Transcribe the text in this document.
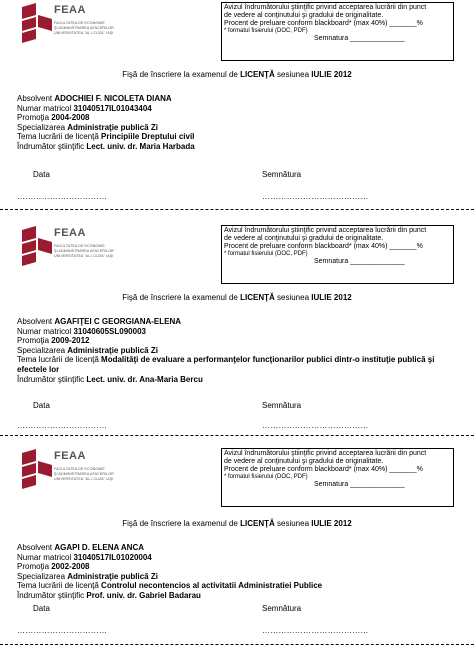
FEAA
FACULTATEA DE ECONOMIE
ŞI ADMINISTRAREA AFACERILOR
UNIVERSITATEA "AL.I.CUZA" IAŞI
Avizul îndrumătorului ştiinţific privind acceptarea lucrării din punct
de vedere al conţinutului şi gradului de originalitate.
Procent de preluare conform blackboard* (max 40%) _______%
* formatul fisierului (DOC, PDF)
Semnatura ______________
Fişă de înscriere la examenul de LICENŢĂ sesiunea IULIE 2012
Absolvent ADOCHIEI F. NICOLETA DIANA
Numar matricol 31040517IL01043404
Promoţia 2004-2008
Specializarea Administraţie publică Zi
Tema lucrării de licenţă Principiile Dreptului civil
Îndrumător ştiinţific Lect. univ. dr. Maria Harbada
Data	Semnătura
……………………………	…………………………………
FEAA
FACULTATEA DE ECONOMIE
ŞI ADMINISTRAREA AFACERILOR
UNIVERSITATEA "AL.I.CUZA" IAŞI
Avizul îndrumătorului ştiinţific privind acceptarea lucrării din punct
de vedere al conţinutului şi gradului de originalitate.
Procent de preluare conform blackboard* (max 40%) _______%
* formatul fisierului (DOC, PDF)
Semnatura ______________
Fişă de înscriere la examenul de LICENŢĂ sesiunea IULIE 2012
Absolvent AGAFIŢEI C GEORGIANA-ELENA
Numar matricol 31040605SL090003
Promoţia 2009-2012
Specializarea Administraţie publică Zi
Tema lucrării de licenţă Modalităţi de evaluare a performanţelor funcţionarilor publici dintr-o instituţie publică şi efectele lor
Îndrumător ştiinţific Lect. univ. dr. Ana-Maria Bercu
Data	Semnătura
……………………………	…………………………………
FEAA
FACULTATEA DE ECONOMIE
ŞI ADMINISTRAREA AFACERILOR
UNIVERSITATEA "AL.I.CUZA" IAŞI
Avizul îndrumătorului ştiinţific privind acceptarea lucrării din punct
de vedere al conţinutului şi gradului de originalitate.
Procent de preluare conform blackboard* (max 40%) _______%
* formatul fisierului (DOC, PDF)
Semnatura ______________
Fişă de înscriere la examenul de LICENŢĂ sesiunea IULIE 2012
Absolvent AGAPI D. ELENA ANCA
Numar matricol 31040517IL01020004
Promoţia 2002-2008
Specializarea Administraţie publică Zi
Tema lucrării de licenţă Controlul necontencios al activitatii Administratiei Publice
Îndrumător ştiinţific Prof. univ. dr. Gabriel Badarau
Data	Semnătura
……………………………	…………………………………
